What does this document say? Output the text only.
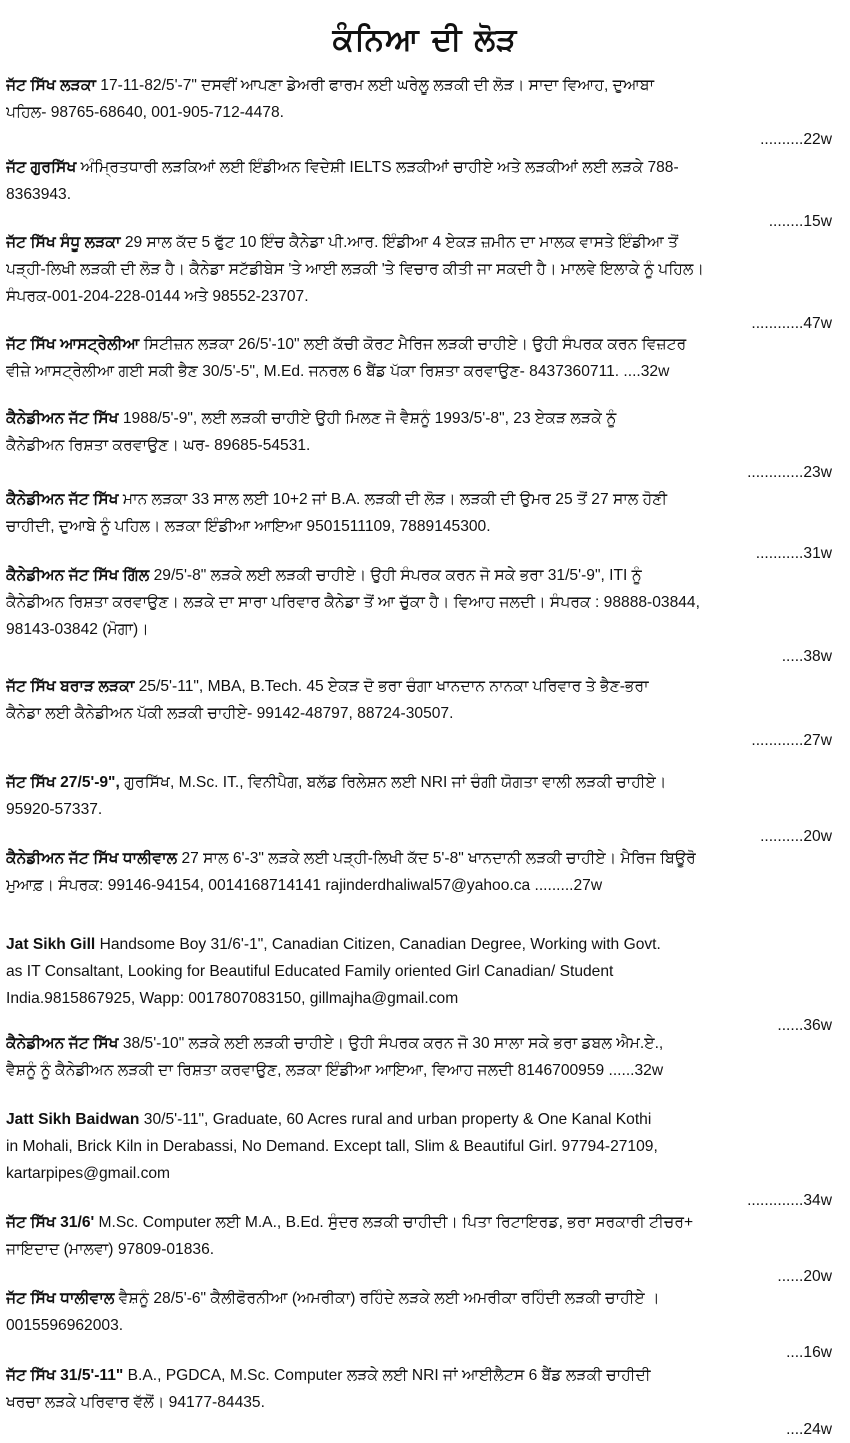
ਕੰਨਿਆ ਦੀ ਲੋੜ

ਜੱਟ ਸਿੱਖ ਲੜਕਾ 17-11-82/5'-7" ਦਸਵੀਂ ਆਪਣਾ ਡੇਅਰੀ ਫਾਰਮ ਲਈ ਘਰੇਲੂ ਲੜਕੀ ਦੀ ਲੋੜ। ਸਾਦਾ ਵਿਆਹ, ਦੁਆਬਾ

ਪਹਿਲ- 98765-68640, 001-905-712-4478.

..........22w

ਜੱਟ ਗੁਰਸਿੱਖ ਅੰਮ੍ਰਿਤਧਾਰੀ ਲੜਕਿਆਂ ਲਈ ਇੰਡੀਅਨ ਵਿਦੇਸ਼ੀ IELTS ਲੜਕੀਆਂ ਚਾਹੀਏ ਅਤੇ ਲੜਕੀਆਂ ਲਈ ਲੜਕੇ 788-

8363943.

........15w

ਜੱਟ ਸਿੱਖ ਸੰਧੂ ਲੜਕਾ 29 ਸਾਲ ਕੱਦ 5 ਫੁੱਟ 10 ਇੰਚ ਕੈਨੇਡਾ ਪੀ.ਆਰ. ਇੰਡੀਆ 4 ਏਕੜ ਜ਼ਮੀਨ ਦਾ ਮਾਲਕ ਵਾਸਤੇ ਇੰਡੀਆ ਤੋਂ

ਪੜ੍ਹੀ-ਲਿਖੀ ਲੜਕੀ ਦੀ ਲੋੜ ਹੈ। ਕੈਨੇਡਾ ਸਟੱਡੀਬੇਸ 'ਤੇ ਆਈ ਲੜਕੀ 'ਤੇ ਵਿਚਾਰ ਕੀਤੀ ਜਾ ਸਕਦੀ ਹੈ। ਮਾਲਵੇ ਇਲਾਕੇ ਨੂੰ ਪਹਿਲ।

ਸੰਪਰਕ-001-204-228-0144 ਅਤੇ 98552-23707.

............47w

ਜੱਟ ਸਿੱਖ ਆਸਟ੍ਰੇਲੀਆ ਸਿਟੀਜ਼ਨ ਲੜਕਾ 26/5'-10" ਲਈ ਕੱਚੀ ਕੋਰਟ ਮੈਰਿਜ ਲੜਕੀ ਚਾਹੀਏ। ਉਹੀ ਸੰਪਰਕ ਕਰਨ ਵਿਜ਼ਟਰ

ਵੀਜ਼ੇ ਆਸਟ੍ਰੇਲੀਆ ਗਈ ਸਕੀ ਭੈਣ 30/5'-5", M.Ed. ਜਨਰਲ 6 ਬੈਂਡ ਪੱਕਾ ਰਿਸ਼ਤਾ ਕਰਵਾਉਣ- 8437360711. ....32w

ਕੈਨੇਡੀਅਨ ਜੱਟ ਸਿੱਖ 1988/5'-9", ਲਈ ਲੜਕੀ ਚਾਹੀਏ ਉਹੀ ਮਿਲਣ ਜੋ ਵੈਸ਼ਨੂੰ 1993/5'-8", 23 ਏਕੜ ਲੜਕੇ ਨੂੰ

ਕੈਨੇਡੀਅਨ ਰਿਸ਼ਤਾ ਕਰਵਾਉਣ। ਘਰ- 89685-54531.

.............23w

ਕੈਨੇਡੀਅਨ ਜੱਟ ਸਿੱਖ ਮਾਨ ਲੜਕਾ 33 ਸਾਲ ਲਈ 10+2 ਜਾਂ B.A. ਲੜਕੀ ਦੀ ਲੋੜ। ਲੜਕੀ ਦੀ ਉਮਰ 25 ਤੋਂ 27 ਸਾਲ ਹੋਣੀ

ਚਾਹੀਦੀ, ਦੁਆਬੇ ਨੂੰ ਪਹਿਲ। ਲੜਕਾ ਇੰਡੀਆ ਆਇਆ 9501511109, 7889145300.

...........31w

ਕੈਨੇਡੀਅਨ ਜੱਟ ਸਿੱਖ ਗਿੱਲ 29/5'-8" ਲੜਕੇ ਲਈ ਲੜਕੀ ਚਾਹੀਏ। ਉਹੀ ਸੰਪਰਕ ਕਰਨ ਜੋ ਸਕੇ ਭਰਾ 31/5'-9", ITI ਨੂੰ

ਕੈਨੇਡੀਅਨ ਰਿਸ਼ਤਾ ਕਰਵਾਉਣ। ਲੜਕੇ ਦਾ ਸਾਰਾ ਪਰਿਵਾਰ ਕੈਨੇਡਾ ਤੋਂ ਆ ਚੁੱਕਾ ਹੈ। ਵਿਆਹ ਜਲਦੀ। ਸੰਪਰਕ : 98888-03844,

98143-03842 (ਮੋਗਾ)।

.....38w

ਜੱਟ ਸਿੱਖ ਬਰਾੜ ਲੜਕਾ 25/5'-11", MBA, B.Tech. 45 ਏਕੜ ਦੋ ਭਰਾ ਚੰਗਾ ਖਾਨਦਾਨ ਨਾਨਕਾ ਪਰਿਵਾਰ ਤੇ ਭੈਣ-ਭਰਾ

ਕੈਨੇਡਾ ਲਈ ਕੈਨੇਡੀਅਨ ਪੱਕੀ ਲੜਕੀ ਚਾਹੀਏ- 99142-48797, 88724-30507.

............27w

ਜੱਟ ਸਿੱਖ 27/5'-9", ਗੁਰਸਿੱਖ, M.Sc. IT., ਵਿਨੀਪੈਗ, ਬਲੱਡ ਰਿਲੇਸ਼ਨ ਲਈ NRI ਜਾਂ ਚੰਗੀ ਯੋਗਤਾ ਵਾਲੀ ਲੜਕੀ ਚਾਹੀਏ।

95920-57337.

..........20w

ਕੈਨੇਡੀਅਨ ਜੱਟ ਸਿੱਖ ਧਾਲੀਵਾਲ 27 ਸਾਲ 6'-3" ਲੜਕੇ ਲਈ ਪੜ੍ਹੀ-ਲਿਖੀ ਕੱਦ 5'-8" ਖਾਨਦਾਨੀ ਲੜਕੀ ਚਾਹੀਏ। ਮੈਰਿਜ ਬਿਊਰੋ

ਮੁਆਫ਼। ਸੰਪਰਕ: 99146-94154, 0014168714141 rajinderdhaliwal57@yahoo.ca .........27w

Jat Sikh Gill Handsome Boy 31/6'-1", Canadian Citizen, Canadian Degree, Working with Govt.

as IT Consaltant, Looking for Beautiful Educated Family oriented Girl Canadian/ Student

India.9815867925, Wapp: 0017807083150, gillmajha@gmail.com

......36w

ਕੈਨੇਡੀਅਨ ਜੱਟ ਸਿੱਖ 38/5'-10" ਲੜਕੇ ਲਈ ਲੜਕੀ ਚਾਹੀਏ। ਉਹੀ ਸੰਪਰਕ ਕਰਨ ਜੋ 30 ਸਾਲਾ ਸਕੇ ਭਰਾ ਡਬਲ ਐਮ.ਏ.,

ਵੈਸ਼ਨੂੰ ਨੂੰ ਕੈਨੇਡੀਅਨ ਲੜਕੀ ਦਾ ਰਿਸ਼ਤਾ ਕਰਵਾਉਣ, ਲੜਕਾ ਇੰਡੀਆ ਆਇਆ, ਵਿਆਹ ਜਲਦੀ 8146700959 ......32w

Jatt Sikh Baidwan 30/5'-11", Graduate, 60 Acres rural and urban property & One Kanal Kothi

in Mohali, Brick Kiln in Derabassi, No Demand. Except tall, Slim & Beautiful Girl. 97794-27109,

kartarpipes@gmail.com

.............34w

ਜੱਟ ਸਿੱਖ 31/6' M.Sc. Computer ਲਈ M.A., B.Ed. ਸੁੰਦਰ ਲੜਕੀ ਚਾਹੀਦੀ। ਪਿਤਾ ਰਿਟਾਇਰਡ, ਭਰਾ ਸਰਕਾਰੀ ਟੀਚਰ+

ਜਾਇਦਾਦ (ਮਾਲਵਾ) 97809-01836.

......20w

ਜੱਟ ਸਿੱਖ ਧਾਲੀਵਾਲ ਵੈਸ਼ਨੂੰ 28/5'-6" ਕੈਲੀਫੋਰਨੀਆ (ਅਮਰੀਕਾ) ਰਹਿੰਦੇ ਲੜਕੇ ਲਈ ਅਮਰੀਕਾ ਰਹਿੰਦੀ ਲੜਕੀ ਚਾਹੀਏ ।

0015596962003.

....16w

ਜੱਟ ਸਿੱਖ 31/5'-11" B.A., PGDCA, M.Sc. Computer ਲੜਕੇ ਲਈ NRI ਜਾਂ ਆਈਲੈਟਸ 6 ਬੈਂਡ ਲੜਕੀ ਚਾਹੀਦੀ

ਖਰਚਾ ਲੜਕੇ ਪਰਿਵਾਰ ਵੱਲੋਂ। 94177-84435.

....24w
